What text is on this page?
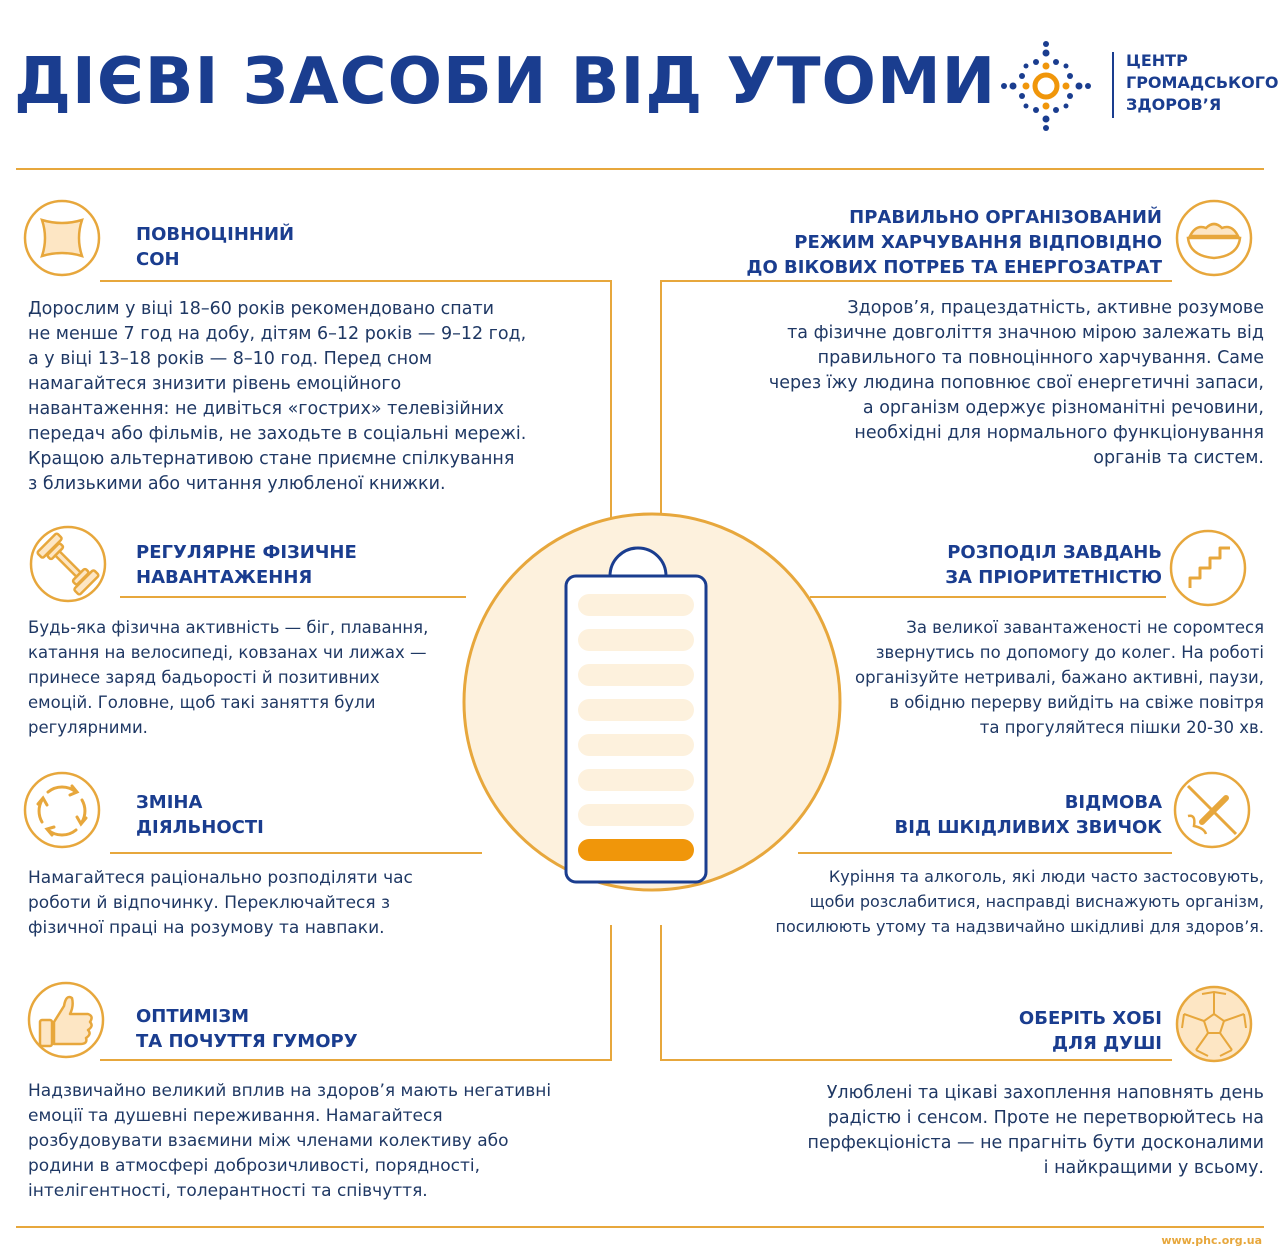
ДІЄВІ ЗАСОБИ ВІД УТОМИ	ЦЕНТР
ГРОМАДСЬКОГО
ЗДОРОВ’Я
ПОВНОЦІННИЙ
СОН
Дорослим у віці 18–60 років рекомендовано спати
не менше 7 год на добу, дітям 6–12 років — 9–12 год,
а у віці 13–18 років — 8–10 год. Перед сном
намагайтеся знизити рівень емоційного
навантаження: не дивіться «гострих» телевізійних
передач або фільмів, не заходьте в соціальні мережі.
Кращою альтернативою стане приємне спілкування
з близькими або читання улюбленої книжки.
ПРАВИЛЬНО ОРГАНІЗОВАНИЙ
РЕЖИМ ХАРЧУВАННЯ ВІДПОВІДНО
ДО ВІКОВИХ ПОТРЕБ ТА ЕНЕРГОЗАТРАТ
Здоров’я, працездатність, активне розумове
та фізичне довголіття значною мірою залежать від
правильного та повноцінного харчування. Саме
через їжу людина поповнює свої енергетичні запаси,
а організм одержує різноманітні речовини,
необхідні для нормального функціонування
органів та систем.
РЕГУЛЯРНЕ ФІЗИЧНЕ
НАВАНТАЖЕННЯ
Будь-яка фізична активність — біг, плавання,
катання на велосипеді, ковзанах чи лижах —
принесе заряд бадьорості й позитивних
емоцій. Головне, щоб такі заняття були
регулярними.
РОЗПОДІЛ ЗАВДАНЬ
ЗА ПРІОРИТЕТНІСТЮ
За великої завантаженості не соромтеся
звернутись по допомогу до колег. На роботі
організуйте нетривалі, бажано активні, паузи,
в обідню перерву вийдіть на свіже повітря
та прогуляйтеся пішки 20-30 хв.
ЗМІНА
ДІЯЛЬНОСТІ
Намагайтеся раціонально розподіляти час
роботи й відпочинку. Переключайтеся з
фізичної праці на розумову та навпаки.
ВІДМОВА
ВІД ШКІДЛИВИХ ЗВИЧОК
Куріння та алкоголь, які люди часто застосовують,
щоби розслабитися, насправді виснажують організм,
посилюють утому та надзвичайно шкідливі для здоров’я.
ОПТИМІЗМ
ТА ПОЧУТТЯ ГУМОРУ
Надзвичайно великий вплив на здоров’я мають негативні
емоції та душевні переживання. Намагайтеся
розбудовувати взаємини між членами колективу або
родини в атмосфері доброзичливості, порядності,
інтелігентності, толерантності та співчуття.
ОБЕРІТЬ ХОБІ
ДЛЯ ДУШІ
Улюблені та цікаві захоплення наповнять день
радістю і сенсом. Проте не перетворюйтесь на
перфекціоніста — не прагніть бути досконалими
і найкращими у всьому.
www.phc.org.ua
